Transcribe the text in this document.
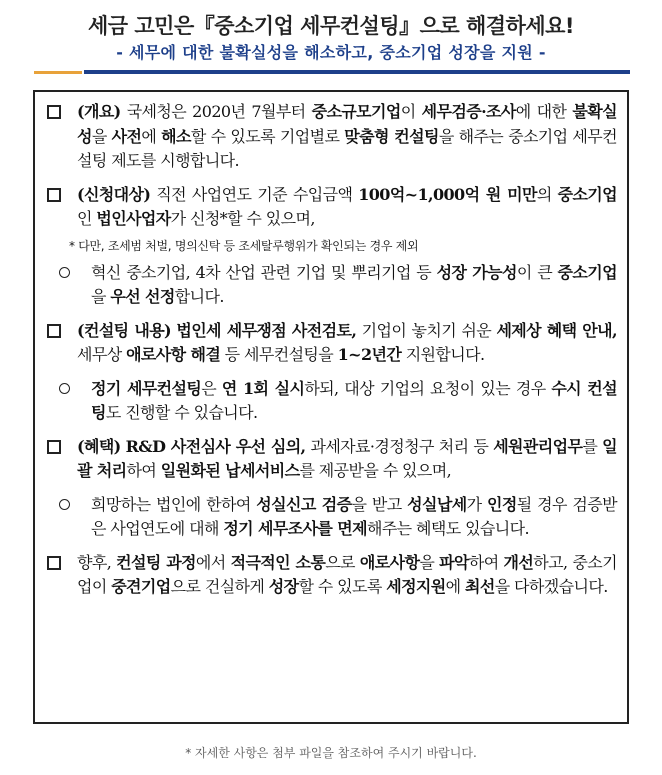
세금 고민은『중소기업 세무컨설팅』으로 해결하세요!
- 세무에 대한 불확실성을 해소하고, 중소기업 성장을 지원 -
(개요) 국세청은 2020년 7월부터 중소규모기업이 세무검증·조사에 대한 불확실성을 사전에 해소할 수 있도록 기업별로 맞춤형 컨설팅을 해주는 중소기업 세무컨설팅 제도를 시행합니다.
(신청대상) 직전 사업연도 기준 수입금액 100억~1,000억 원 미만의 중소기업인 법인사업자가 신청*할 수 있으며,
* 다만, 조세범 처벌, 명의신탁 등 조세탈루행위가 확인되는 경우 제외
혁신 중소기업, 4차 산업 관련 기업 및 뿌리기업 등 성장 가능성이 큰 중소기업을 우선 선정합니다.
(컨설팅 내용) 법인세 세무쟁점 사전검토, 기업이 놓치기 쉬운 세제상 혜택 안내, 세무상 애로사항 해결 등 세무컨설팅을 1~2년간 지원합니다.
정기 세무컨설팅은 연 1회 실시하되, 대상 기업의 요청이 있는 경우 수시 컨설팅도 진행할 수 있습니다.
(혜택) R&D 사전심사 우선 심의, 과세자료·경정청구 처리 등 세원관리업무를 일괄 처리하여 일원화된 납세서비스를 제공받을 수 있으며,
희망하는 법인에 한하여 성실신고 검증을 받고 성실납세가 인정될 경우 검증받은 사업연도에 대해 정기 세무조사를 면제해주는 혜택도 있습니다.
향후, 컨설팅 과정에서 적극적인 소통으로 애로사항을 파악하여 개선하고, 중소기업이 중견기업으로 건실하게 성장할 수 있도록 세정지원에 최선을 다하겠습니다.
* 자세한 사항은 첨부 파일을 참조하여 주시기 바랍니다.
